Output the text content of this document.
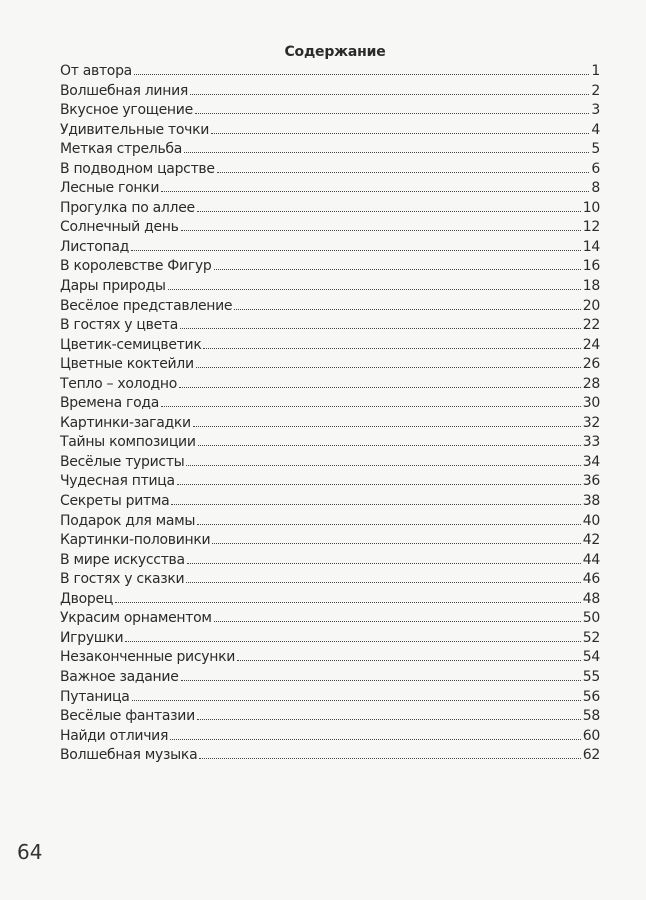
Содержание
От автора	1
Волшебная линия	2
Вкусное угощение	3
Удивительные точки	4
Меткая стрельба	5
В подводном царстве	6
Лесные гонки	8
Прогулка по аллее	10
Солнечный день	12
Листопад	14
В королевстве Фигур	16
Дары природы	18
Весёлое представление	20
В гостях у цвета	22
Цветик-семицветик	24
Цветные коктейли	26
Тепло – холодно	28
Времена года	30
Картинки-загадки	32
Тайны композиции	33
Весёлые туристы	34
Чудесная птица	36
Секреты ритма	38
Подарок для мамы	40
Картинки-половинки	42
В мире искусства	44
В гостях у сказки	46
Дворец	48
Украсим орнаментом	50
Игрушки	52
Незаконченные рисунки	54
Важное задание	55
Путаница	56
Весёлые фантазии	58
Найди отличия	60
Волшебная музыка	62
64
